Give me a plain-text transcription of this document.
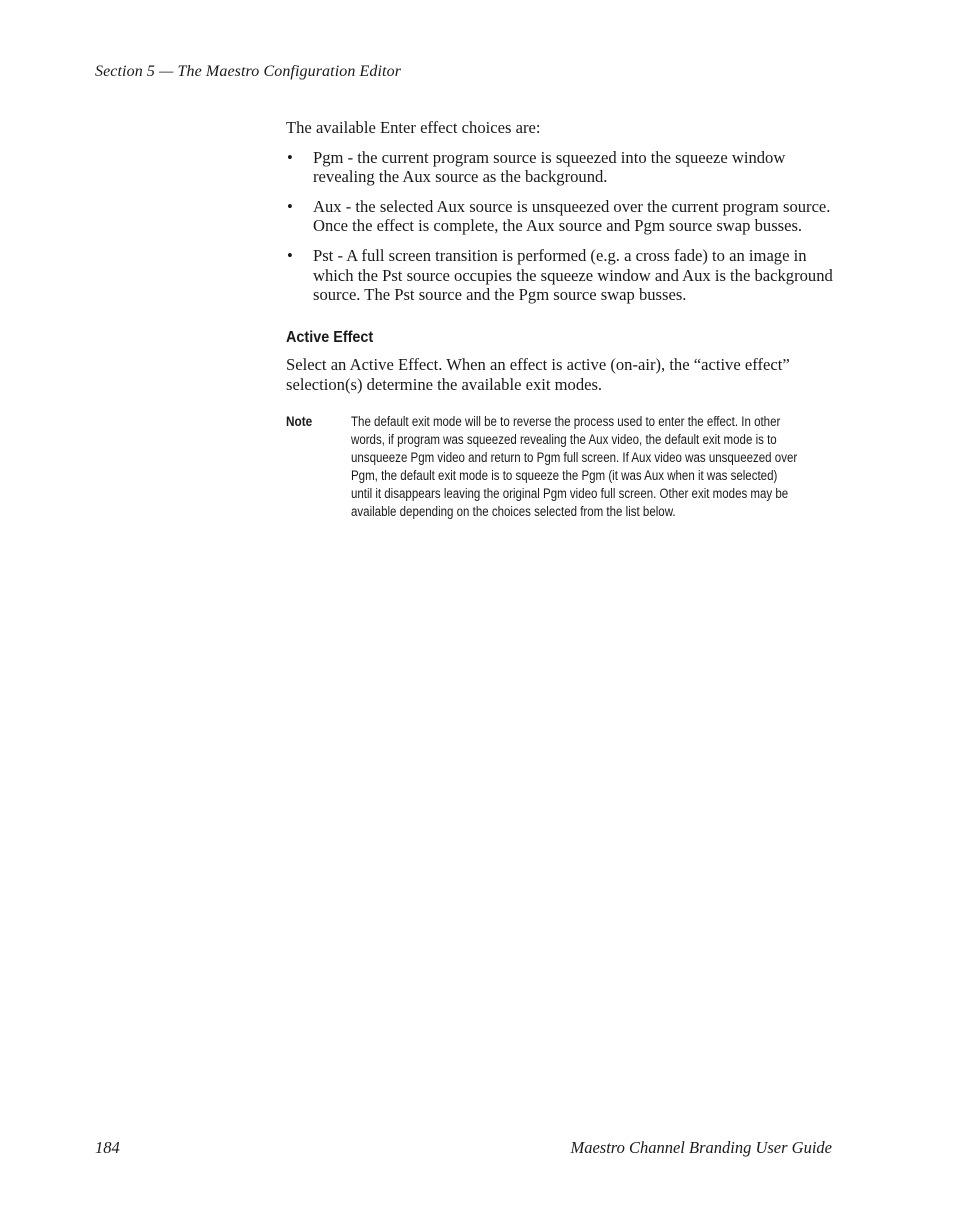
Section 5 — The Maestro Configuration Editor

The available Enter effect choices are:

• Pgm - the current program source is squeezed into the squeeze window revealing the Aux source as the background.
• Aux - the selected Aux source is unsqueezed over the current program source. Once the effect is complete, the Aux source and Pgm source swap busses.
• Pst - A full screen transition is performed (e.g. a cross fade) to an image in which the Pst source occupies the squeeze window and Aux is the background source. The Pst source and the Pgm source swap busses.
Active Effect

Select an Active Effect. When an effect is active (on-air), the “active effect” selection(s) determine the available exit modes.

Note	The default exit mode will be to reverse the process used to enter the effect. In other words, if program was squeezed revealing the Aux video, the default exit mode is to unsqueeze Pgm video and return to Pgm full screen. If Aux video was unsqueezed over Pgm, the default exit mode is to squeeze the Pgm (it was Aux when it was selected) until it disappears leaving the original Pgm video full screen. Other exit modes may be available depending on the choices selected from the list below.
184	Maestro Channel Branding User Guide
